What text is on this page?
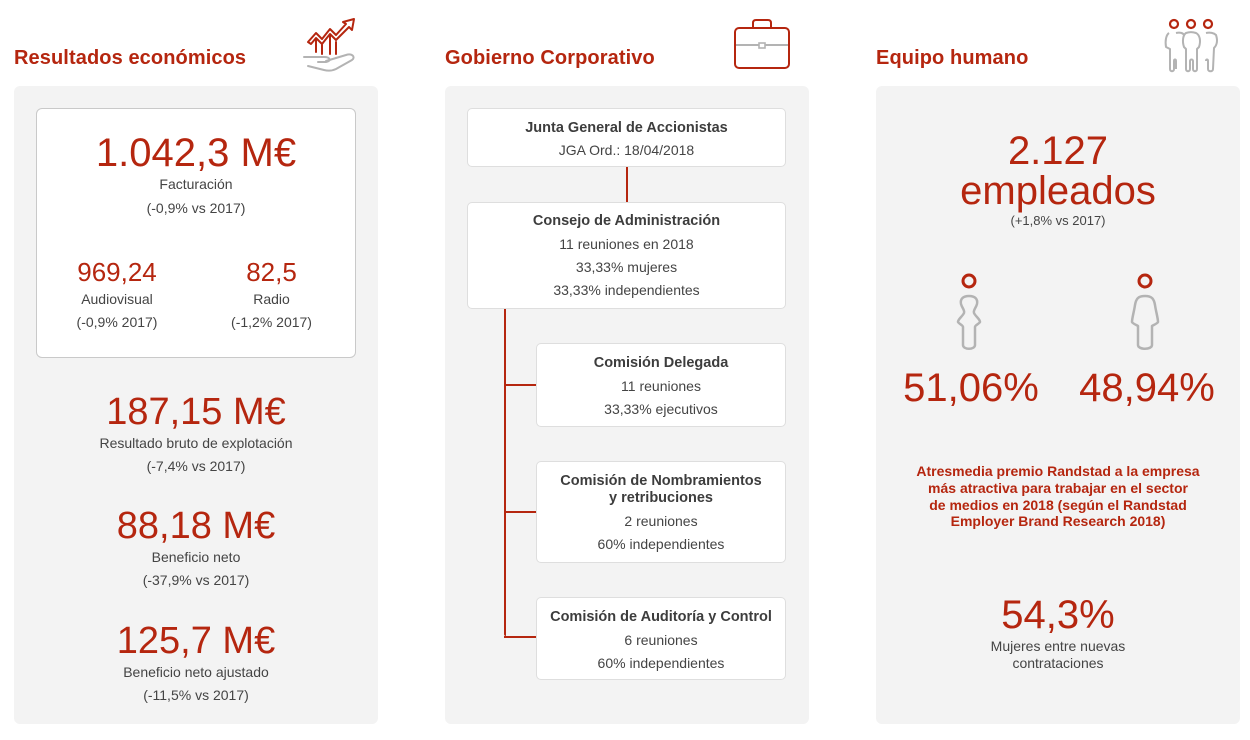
Resultados económicos
1.042,3 M€
Facturación
(-0,9% vs 2017)
969,24
Audiovisual
(-0,9% 2017)
82,5
Radio
(-1,2% 2017)
187,15 M€
Resultado bruto de explotación
(-7,4% vs 2017)
88,18 M€
Beneficio neto
(-37,9% vs 2017)
125,7 M€
Beneficio neto ajustado
(-11,5% vs 2017)
Gobierno Corporativo
Junta General de Accionistas
JGA Ord.: 18/04/2018
Consejo de Administración
11 reuniones en 2018
33,33% mujeres
33,33% independientes
Comisión Delegada
11 reuniones
33,33% ejecutivos
Comisión de Nombramientos
y retribuciones
2 reuniones
60% independientes
Comisión de Auditoría y Control
6 reuniones
60% independientes
Equipo humano
2.127
empleados
(+1,8% vs 2017)
51,06%	48,94%
Atresmedia premio Randstad a la empresa
más atractiva para trabajar en el sector
de medios en 2018 (según el Randstad
Employer Brand Research 2018)
54,3%
Mujeres entre nuevas
contrataciones
